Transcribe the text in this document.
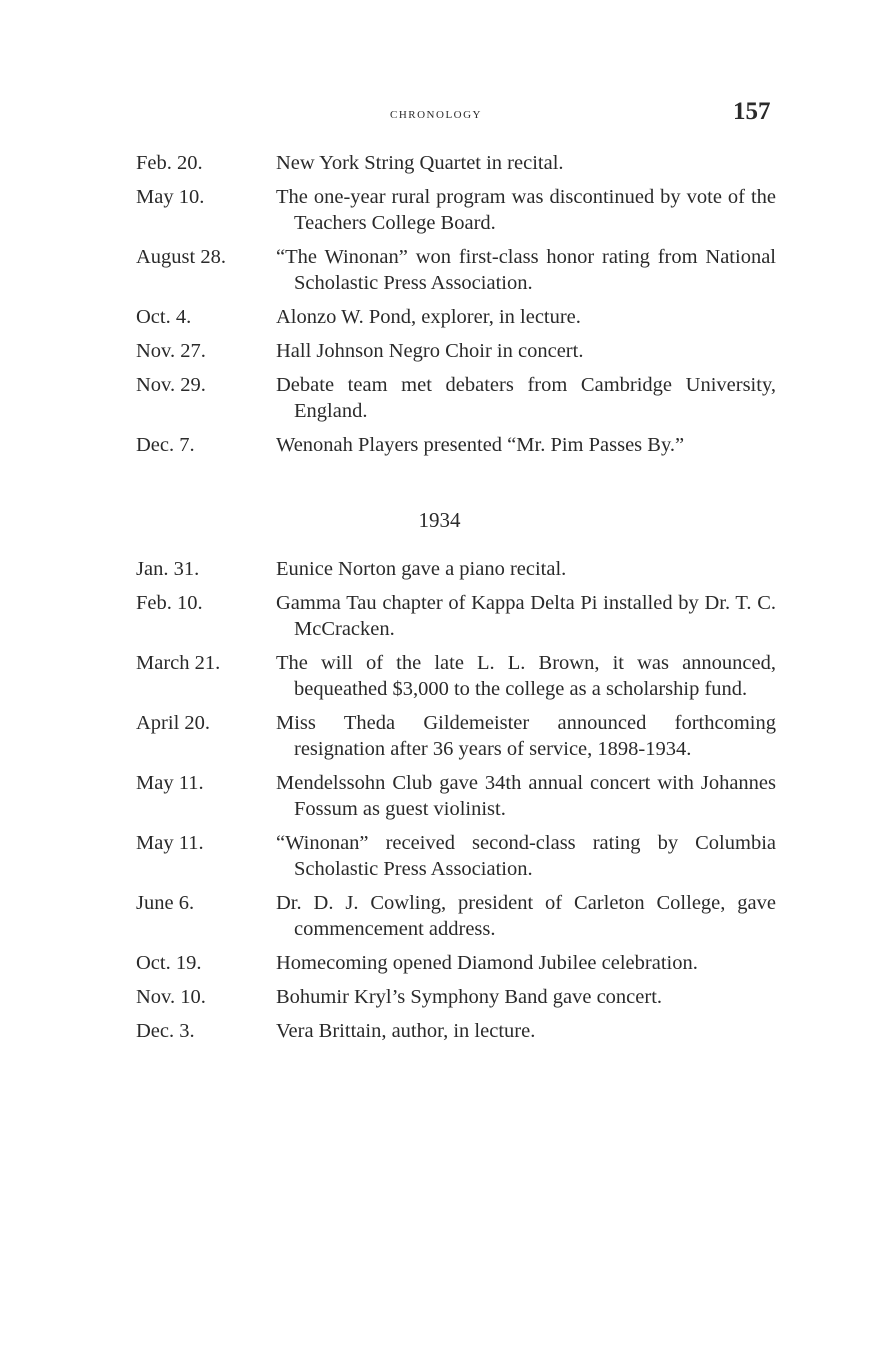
chronology	157
Feb. 20.	New York String Quartet in recital.
May 10.	The one-year rural program was discontinued by vote of the Teachers College Board.
August 28.	“The Winonan” won first-class honor rating from National Scholastic Press Association.
Oct. 4.	Alonzo W. Pond, explorer, in lecture.
Nov. 27.	Hall Johnson Negro Choir in concert.
Nov. 29.	Debate team met debaters from Cambridge University, England.
Dec. 7.	Wenonah Players presented “Mr. Pim Passes By.”
1934
Jan. 31.	Eunice Norton gave a piano recital.
Feb. 10.	Gamma Tau chapter of Kappa Delta Pi installed by Dr. T. C. McCracken.
March 21.	The will of the late L. L. Brown, it was announced, bequeathed $3,000 to the college as a scholarship fund.
April 20.	Miss Theda Gildemeister announced forthcoming resignation after 36 years of service, 1898-1934.
May 11.	Mendelssohn Club gave 34th annual concert with Johannes Fossum as guest violinist.
May 11.	“Winonan” received second-class rating by Columbia Scholastic Press Association.
June 6.	Dr. D. J. Cowling, president of Carleton College, gave commencement address.
Oct. 19.	Homecoming opened Diamond Jubilee celebration.
Nov. 10.	Bohumir Kryl’s Symphony Band gave concert.
Dec. 3.	Vera Brittain, author, in lecture.
